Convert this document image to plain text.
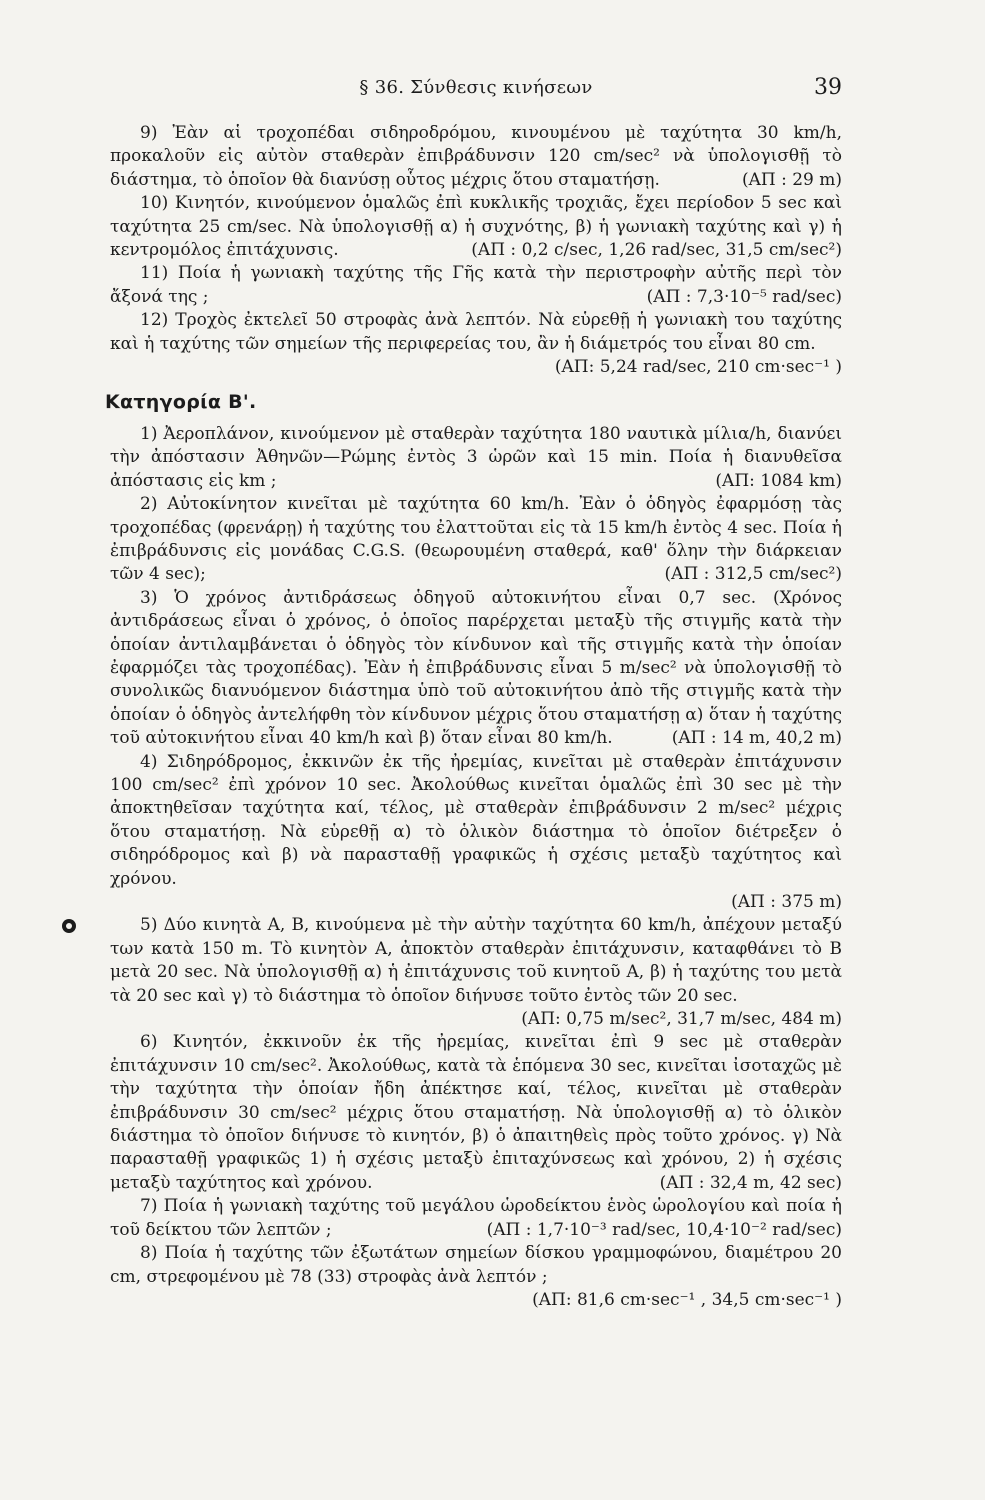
§ 36. Σύνθεσις κινήσεων	39

9) Ἐὰν αἱ τροχοπέδαι σιδηροδρόμου, κινουμένου μὲ ταχύτητα 30 km/h, προκαλοῦν εἰς αὐτὸν σταθερὰν ἐπιβράδυνσιν 120 cm/sec² νὰ ὑπολογισθῇ τὸ διάστημα, τὸ ὁποῖον θὰ διανύσῃ οὗτος μέχρις ὅτου σταματήσῃ.	(ΑΠ : 29 m)

10) Κινητόν, κινούμενον ὁμαλῶς ἐπὶ κυκλικῆς τροχιᾶς, ἔχει περίοδον 5 sec καὶ ταχύτητα 25 cm/sec. Νὰ ὑπολογισθῇ α) ἡ συχνότης, β) ἡ γωνιακὴ ταχύτης καὶ γ) ἡ κεντρομόλος ἐπιτάχυνσις.	(ΑΠ : 0,2 c/sec, 1,26 rad/sec, 31,5 cm/sec²)

11) Ποία ἡ γωνιακὴ ταχύτης τῆς Γῆς κατὰ τὴν περιστροφὴν αὐτῆς περὶ τὸν ἄξονά της ;	(ΑΠ : 7,3·10⁻⁵ rad/sec)

12) Τροχὸς ἐκτελεῖ 50 στροφὰς ἀνὰ λεπτόν. Νὰ εὑρεθῇ ἡ γωνιακὴ του ταχύτης καὶ ἡ ταχύτης τῶν σημείων τῆς περιφερείας του, ἂν ἡ διάμετρός του εἶναι 80 cm.

(ΑΠ: 5,24 rad/sec, 210 cm·sec⁻¹ )
Κατηγορία Β'.

1) Ἀεροπλάνον, κινούμενον μὲ σταθερὰν ταχύτητα 180 ναυτικὰ μίλια/h, διανύει τὴν ἀπόστασιν Ἀθηνῶν—Ρώμης ἐντὸς 3 ὡρῶν καὶ 15 min. Ποία ἡ διανυθεῖσα ἀπόστασις εἰς km ;	(ΑΠ: 1084 km)

2) Αὐτοκίνητον κινεῖται μὲ ταχύτητα 60 km/h. Ἐὰν ὁ ὁδηγὸς ἐφαρμόσῃ τὰς τροχοπέδας (φρενάρῃ) ἡ ταχύτης του ἐλαττοῦται εἰς τὰ 15 km/h ἐντὸς 4 sec. Ποία ἡ ἐπιβράδυνσις εἰς μονάδας C.G.S. (θεωρουμένη σταθερά, καθ' ὅλην τὴν διάρκειαν τῶν 4 sec);	(ΑΠ : 312,5 cm/sec²)

3) Ὁ χρόνος ἀντιδράσεως ὁδηγοῦ αὐτοκινήτου εἶναι 0,7 sec. (Χρόνος ἀντιδράσεως εἶναι ὁ χρόνος, ὁ ὁποῖος παρέρχεται μεταξὺ τῆς στιγμῆς κατὰ τὴν ὁποίαν ἀντιλαμβάνεται ὁ ὁδηγὸς τὸν κίνδυνον καὶ τῆς στιγμῆς κατὰ τὴν ὁποίαν ἐφαρμόζει τὰς τροχοπέδας). Ἐὰν ἡ ἐπιβράδυνσις εἶναι 5 m/sec² νὰ ὑπολογισθῇ τὸ συνολικῶς διανυόμενον διάστημα ὑπὸ τοῦ αὐτοκινήτου ἀπὸ τῆς στιγμῆς κατὰ τὴν ὁποίαν ὁ ὁδηγὸς ἀντελήφθη τὸν κίνδυνον μέχρις ὅτου σταματήσῃ α) ὅταν ἡ ταχύτης τοῦ αὐτοκινήτου εἶναι 40 km/h καὶ β) ὅταν εἶναι 80 km/h.	(ΑΠ : 14 m, 40,2 m)

4) Σιδηρόδρομος, ἐκκινῶν ἐκ τῆς ἠρεμίας, κινεῖται μὲ σταθερὰν ἐπιτάχυνσιν 100 cm/sec² ἐπὶ χρόνον 10 sec. Ἀκολούθως κινεῖται ὁμαλῶς ἐπὶ 30 sec μὲ τὴν ἀποκτηθεῖσαν ταχύτητα καί, τέλος, μὲ σταθερὰν ἐπιβράδυνσιν 2 m/sec² μέχρις ὅτου σταματήσῃ. Νὰ εὑρεθῇ α) τὸ ὁλικὸν διάστημα τὸ ὁποῖον διέτρεξεν ὁ σιδηρόδρομος καὶ β) νὰ παρασταθῇ γραφικῶς ἡ σχέσις μεταξὺ ταχύτητος καὶ χρόνου.

(ΑΠ : 375 m)

5) Δύο κινητὰ Α, Β, κινούμενα μὲ τὴν αὐτὴν ταχύτητα 60 km/h, ἀπέχουν μεταξύ των κατὰ 150 m. Τὸ κινητὸν Α, ἀποκτὸν σταθερὰν ἐπιτάχυνσιν, καταφθάνει τὸ Β μετὰ 20 sec. Νὰ ὑπολογισθῇ α) ἡ ἐπιτάχυνσις τοῦ κινητοῦ Α, β) ἡ ταχύτης του μετὰ τὰ 20 sec καὶ γ) τὸ διάστημα τὸ ὁποῖον διήνυσε τοῦτο ἐντὸς τῶν 20 sec.

(ΑΠ: 0,75 m/sec², 31,7 m/sec, 484 m)

6) Κινητόν, ἐκκινοῦν ἐκ τῆς ἠρεμίας, κινεῖται ἐπὶ 9 sec μὲ σταθερὰν ἐπιτάχυνσιν 10 cm/sec². Ἀκολούθως, κατὰ τὰ ἑπόμενα 30 sec, κινεῖται ἰσοταχῶς μὲ τὴν ταχύτητα τὴν ὁποίαν ἤδη ἀπέκτησε καί, τέλος, κινεῖται μὲ σταθερὰν ἐπιβράδυνσιν 30 cm/sec² μέχρις ὅτου σταματήσῃ. Νὰ ὑπολογισθῇ α) τὸ ὁλικὸν διάστημα τὸ ὁποῖον διήνυσε τὸ κινητόν, β) ὁ ἀπαιτηθεὶς πρὸς τοῦτο χρόνος. γ) Νὰ παρασταθῇ γραφικῶς 1) ἡ σχέσις μεταξὺ ἐπιταχύνσεως καὶ χρόνου, 2) ἡ σχέσις μεταξὺ ταχύτητος καὶ χρόνου.	(ΑΠ : 32,4 m, 42 sec)

7) Ποία ἡ γωνιακὴ ταχύτης τοῦ μεγάλου ὡροδείκτου ἑνὸς ὡρολογίου καὶ ποία ἡ τοῦ δείκτου τῶν λεπτῶν ;	(ΑΠ : 1,7·10⁻³ rad/sec, 10,4·10⁻² rad/sec)

8) Ποία ἡ ταχύτης τῶν ἐξωτάτων σημείων δίσκου γραμμοφώνου, διαμέτρου 20 cm, στρεφομένου μὲ 78 (33) στροφὰς ἀνὰ λεπτόν ;

(ΑΠ: 81,6 cm·sec⁻¹ , 34,5 cm·sec⁻¹ )
